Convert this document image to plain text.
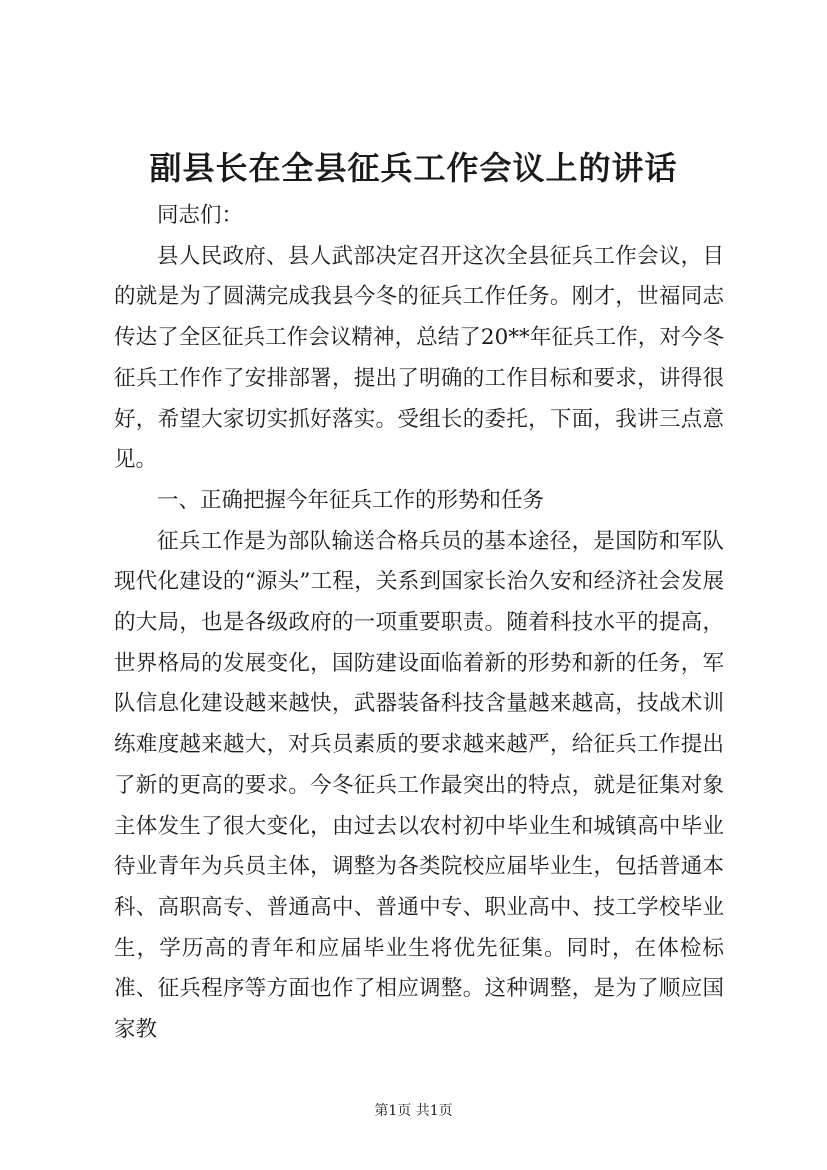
副县长在全县征兵工作会议上的讲话

同志们：

县人民政府、县人武部决定召开这次全县征兵工作会议，目的就是为了圆满完成我县今冬的征兵工作任务。刚才，世福同志传达了全区征兵工作会议精神，总结了20**年征兵工作，对今冬征兵工作作了安排部署，提出了明确的工作目标和要求，讲得很好，希望大家切实抓好落实。受组长的委托，下面，我讲三点意见。

一、正确把握今年征兵工作的形势和任务

征兵工作是为部队输送合格兵员的基本途径，是国防和军队现代化建设的“源头”工程，关系到国家长治久安和经济社会发展的大局，也是各级政府的一项重要职责。随着科技水平的提高，世界格局的发展变化，国防建设面临着新的形势和新的任务，军队信息化建设越来越快，武器装备科技含量越来越高，技战术训练难度越来越大，对兵员素质的要求越来越严，给征兵工作提出了新的更高的要求。今冬征兵工作最突出的特点，就是征集对象主体发生了很大变化，由过去以农村初中毕业生和城镇高中毕业待业青年为兵员主体，调整为各类院校应届毕业生，包括普通本科、高职高专、普通高中、普通中专、职业高中、技工学校毕业生，学历高的青年和应届毕业生将优先征集。同时，在体检标准、征兵程序等方面也作了相应调整。这种调整，是为了顺应国家教

第1页 共1页
